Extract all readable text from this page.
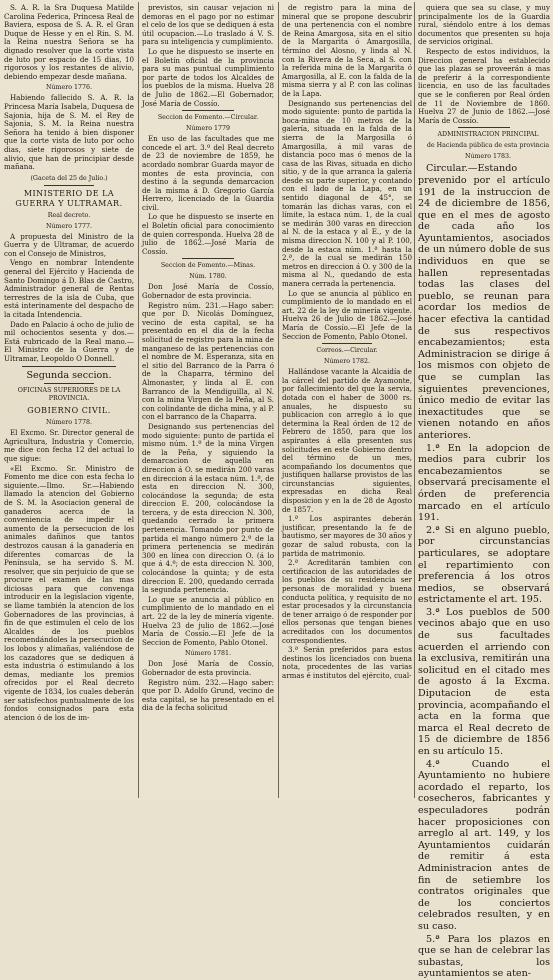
S. A. R. la Sra Duquesa Matilde Carolina Federica, Princesa Real de Baviera, esposa de S. A. R. el Gran Duque de Hesse y en el Rin. S. M. la Reina nuestra Señora se ha dignado resolver que la corte vista de luto por espacio de 15 dias, 10 rigorosos y los restantes de alivio, debiendo empezar desde mañana.

Número 1776.

Habiendo fallecido S. A. R. la Princesa María Isabela, Duquesa de Sajonia, hija de S. M. el Rey de Sajonia, S. M. la Reina nuestra Señora ha tenido á bien disponer que la corte vista de luto por ocho dias, siete rigorosos y siete de alivio, que han de principiar desde mañana.

(Gaceta del 25 de Julio.)

MINISTERIO DE LA GUERRA Y ULTRAMAR.

Real decreto.

Número 1777.

A propuesta del Ministro de la Guerra y de Ultramar, de acuerdo con el Consejo de Ministros,

Vengo en nombrar Intendente general del Ejército y Hacienda de Santo Domingo á D. Blas de Castro, Administrador general de Rentas terrestres de la isla de Cuba, que está interinamente del despacho de la citada Intendencia.

Dado en Palacio á ocho de julio de mil ochocientos sesenta y dos.—Está rubricado de la Real mano.—El Ministro de la Guerra y de Ultramar, Leopoldo O Donnell.

Segunda seccion.

OFICINAS SUPERIORES DE LA PROVINCIA.

GOBIERNO CIVIL.

Número 1778.

El Excmo. Sr. Director general de Agricultura, Industria y Comercio, me dice con fecha 12 del actual lo que sigue:

«El Excmo. Sr. Ministro de Fomento me dice con esta fecha lo siguiente.—Ilmo. Sr.—Habiendo llamado la atencion del Gobierno de S. M. la Asociacion general de ganaderos acerca de la conveniencia de impedir el aumento de la persecucion de los animales dañinos que tantos destrozos causan á la ganadería en diferentes comarcas de la Península, se ha servido S. M. resolver, que sin perjuicio de que se procure el examen de las mas diciosas para que convenga introducir en la legislacion vigente, se llame también la atencion de los Gobernadores de las provincias, á fin de que estimulen el celo de los Alcaldes de los pueblos recomendándoles la persecucion de los lobos y alimañas, valiéndose de los cazadores que se dediquen á esta industria ó estimulando á los demas, mediante los premios ofrecidos por el Real decreto vigente de 1834, los cuales deberán ser satisfechos puntualmente de los fondos consignados para esta atencion ó de los de im-

previstos, sin causar vejacion ni demoras en el pago por no estimar el celo de los que se dediquen á esta útil ocupacion.—Lo traslado á V. S. para su inteligencia y cumplimiento.

Lo que he dispuesto se inserte en el Boletín oficial de la provincia para su mas puntual cumplimiento por parte de todos los Alcaldes de los pueblos de la misma. Huelva 28 de Julio de 1862.—El Gobernador, José María de Cossío.

Seccion de Fomento.—Circular.

Número 1779

En uso de las facultades que me concede el art. 3.º del Real decreto de 23 de noviembre de 1859, he acordado nombrar Guarda mayor de montes de esta provincia, con destino á la segunda demarcacion de la misma á D. Gregorio García Herrero, licenciado de la Guardia civil.

Lo que he dispuesto se inserte en el Boletín oficial para conocimiento de quien corresponda. Huelva 28 de julio de 1862.—José María de Cossío.

Seccion de Fomento.—Minas.

Núm. 1780.

Don José María de Cossío, Gobernador de esta provincia.

Registro núm. 231.—Hago saber: que por D. Nicolás Domínguez, vecino de esta capital, se ha presentado en el dia de la fecha solicitud de registro para la mina de manganeso de las pertenencias con el nombre de M. Esperanza, sita en el sitio del Barranco de la Parra ó de la Chaparra, término del Almonaster, y linda al E. con Barranco de la Mendiguilla, al N. con la mina Virgen de la Peña, al S. con colindante de dicha mina, y al P. con el barranco de la Chaparra.

Designando sus pertenencias del modo siguiente: punto de partida el mismo núm. 1.º de la mina Virgen de la Peña, y siguiendo la demarcacion de aquella en direccion á O. se medirán 200 varas en direccion á la estaca núm. 1.ª, de esta en direccion N. 300, colocándose la segunda; de esta direccion E. 200, colocándose la tercera, y de esta direccion N. 300, quedando cerrado la primera pertenencia. Tomando por punto de partida el mango número 2.º de la primera pertenencia se medirán 300 en línea con direccion O. (á lo que á 4.º; de esta direccion N. 300, colocándose la quinta; y de esta direccion E. 200, quedando cerrada la segunda pertenencia.

Lo que se anuncia al público en cumplimiento de lo mandado en el art. 22 de la ley de minería vigente. Huelva 23 de julio de 1862.—José María de Cossío.—El Jefe de la Seccion de Fomento, Pablo Otonel.

Número 1781.

Don José María de Cossío, Gobernador de esta provincia.

Registro núm. 232.—Hago saber: que por D. Adolfo Grund, vecino de esta capital, se ha presentado en el dia de la fecha solicitud

de registro para la mina de mineral que se propone descubrir de una pertenencia con el nombre de Reina Amargosa, sita en el sitio de la Margarita ó Amargosilla, término del Alosno, y linda al N. con la Rivera de la Seca, al S. con la referida mina de la Margarita ó Amargosilla, al E. con la falda de la misma sierra y al P. con las colinas de la Lapa.

Designando sus pertenencias del modo siguiente: punto de partida la boca-mina de 10 metros de la galería, situada en la falda de la sierra de la Margosilla ó Amargosilla, á mil varas de distancia poco mas ó menos de la casa de las Rivas, situada en dicho sitio, y de la que arranca la galería desde su parte superior, y contando con el lado de la Lapa, en un sentido diagonal de 45°, se tomarán las dichas varas, con el límite, la estaca núm. 1, de la cual se medirán 300 varas en direccion al N. de la estaca y al E., y de la misma direccion N. 100 y al P. 100, desde la estaca núm. 1.ª hasta la 2.ª, de la cual se medirán 150 metros en direccion á O. y 300 de la misma al N., quedando de esta manera cerrada la pertenencia.

Lo que se anuncia al público en cumplimiento de lo mandado en el art. 22 de la ley de minería vigente. Huelva 26 de Julio de 1862.—José María de Cossío.—El Jefe de la Seccion de Fomento, Pablo Otonel.

Correos.—Circular.

Número 1782.

Hallándose vacante la Alcaidía de la cárcel del partido de Ayamonte, por fallecimiento del que la servia, dotada con el haber de 3000 rs. anuales, he dispuesto su publicacion con arreglo á lo que determina la Real órden de 12 de Febrero de 1850, para que los aspirantes á ella presenten sus solicitudes en este Gobierno dentro del término de un mes, acompañando los documentos que justifiquen hallarse provistos de las circunstancias siguientes, expresadas en dicha Real disposicion y en la de 28 de Agosto de 1857.

1.ª Los aspirantes deberán justificar, presentando la fe de bautismo, ser mayores de 30 años y gozar de salud robusta, con la partida de matrimonio.

2.ª Acreditarán tambien con certificacion de las autoridades de los pueblos de su residencia ser personas de moralidad y buena conducta política, y requisito de no estar procesados y la circunstancia de tener arraigo ó de responder por ellos personas que tengan bienes acreditados con los documentos correspondientes.

3.ª Serán preferidos para estos destinos los licenciados con buena nota, procedentes de las varias armas é institutos del ejército, cual-

quiera que sea su clase, y muy principalmente los de la Guardia rural, siéndolo entre á los demas documentos que presenten su hoja de servicios original.

Respecto de estos individuos, la Direccion general ha establecido que las plazas se proveerán á mas de preferir á la correspondiente licencia, en uso de las facultades que se le confieren por Real órden de 11 de Noviembre de 1860. Huelva 27 de Junio de 1862.—José María de Cossío.

ADMINISTRACION PRINCIPAL

de Hacienda pública de esta provincia

Número 1783.

Circular.—Estando prevenido por el artículo 191 de la instruccion de 24 de diciembre de 1856, que en el mes de agosto de cada año los Ayuntamientos, asociados de un número doble de sus individuos en que se hallen representadas todas las clases del pueblo, se reunan para acordar los medios de hacer efectiva la cantidad de sus respectivos encabezamientos; esta Administracion se dirige á los mismos con objeto de que se cumplan las siguientes prevenciones, único medio de evitar las inexactitudes que se vienen notando en años anteriores.

1.ª En la adopcion de medios para cubrir los encabezamientos se observará precisamente el órden de preferencia marcado en el artículo 191.

2.ª Si en alguno pueblo, por circunstancias particulares, se adoptare el repartimiento con preferencia á los otros medios, se observará estrictamente el art. 195.

3.ª Los pueblos de 500 vecinos abajo que en uso de sus facultades acuerden el arriendo con la exclusiva, remitirán una solicitud en el citado mes de agosto á la Excma. Diputacion de esta provincia, acompañando el acta en la forma que marca el Real decreto de 15 de diciembre de 1856 en su artículo 15.

4.ª Cuando el Ayuntamiento no hubiere acordado el reparto, los cosecheros, fabricantes y especuladores podrán hacer proposiciones con arreglo al art. 149, y los Ayuntamientos cuidarán de remitir á esta Administracion antes de fin de setiembre los contratos originales que de los conciertos celebrados resulten, y en su caso.

5.ª Para los plazos en que se han de celebrar las subastas, los ayuntamientos se aten-
